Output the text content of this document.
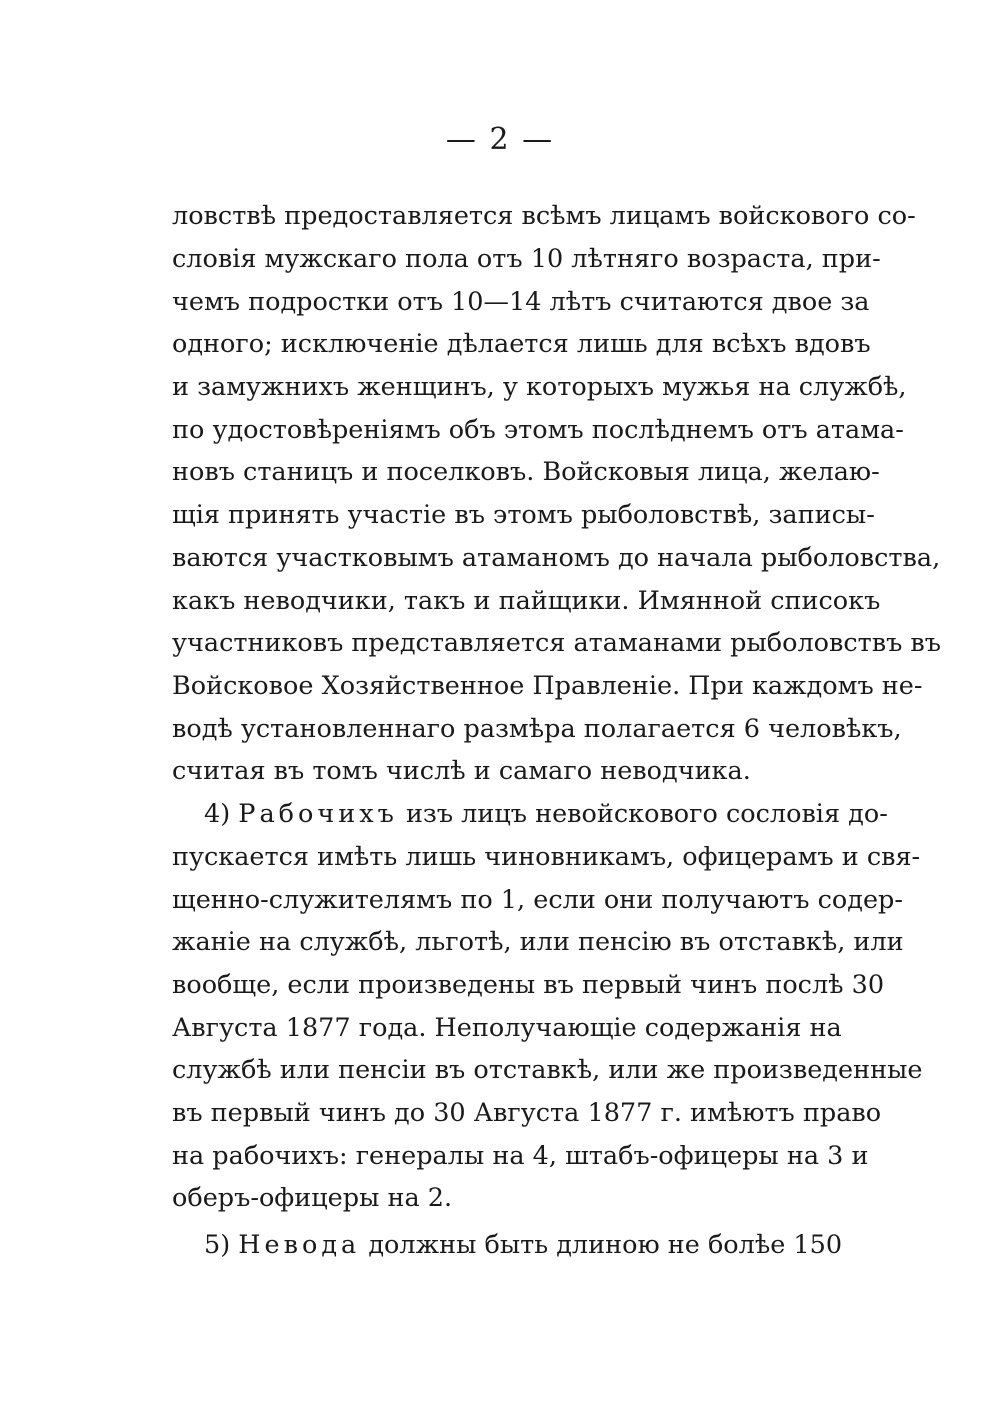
— 2 —
ловствѣ предоставляется всѣмъ лицамъ войскового со-
словія мужскаго пола отъ 10 лѣтняго возраста, при-
чемъ подростки отъ 10—14 лѣтъ считаются двое за
одного; исключеніе дѣлается лишь для всѣхъ вдовъ
и замужнихъ женщинъ, у которыхъ мужья на службѣ,
по удостовѣреніямъ объ этомъ послѣднемъ отъ атама-
новъ станицъ и поселковъ. Войсковыя лица, желаю-
щія принять участіе въ этомъ рыболовствѣ, записы-
ваются участковымъ атаманомъ до начала рыболовства,
какъ неводчики, такъ и пайщики. Имянной списокъ
участниковъ представляется атаманами рыболовствъ въ
Войсковое Хозяйственное Правленіе. При каждомъ не-
водѣ установленнаго размѣра полагается 6 человѣкъ,
считая въ томъ числѣ и самаго неводчика.
4) Рабочихъ изъ лицъ невойскового сословія до-
пускается имѣть лишь чиновникамъ, офицерамъ и свя-
щенно-служителямъ по 1, если они получаютъ содер-
жаніе на службѣ, льготѣ, или пенсію въ отставкѣ, или
вообще, если произведены въ первый чинъ послѣ 30
Августа 1877 года. Неполучающіе содержанія на
службѣ или пенсіи въ отставкѣ, или же произведенные
въ первый чинъ до 30 Августа 1877 г. имѣютъ право
на рабочихъ: генералы на 4, штабъ-офицеры на 3 и
оберъ-офицеры на 2.
5) Невода должны быть длиною не болѣе 150
